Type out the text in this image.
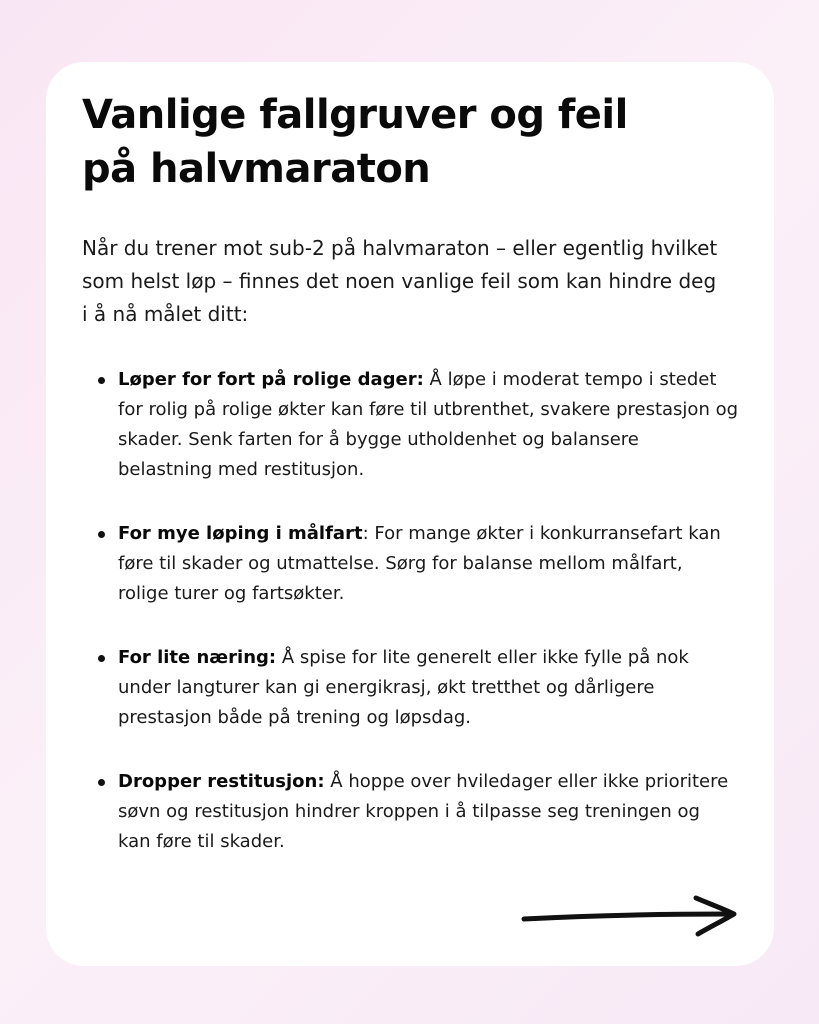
Vanlige fallgruver og feil på halvmaraton

Når du trener mot sub-2 på halvmaraton – eller egentlig hvilket som helst løp – finnes det noen vanlige feil som kan hindre deg i å nå målet ditt:

Løper for fort på rolige dager: Å løpe i moderat tempo i stedet for rolig på rolige økter kan føre til utbrenthet, svakere prestasjon og skader. Senk farten for å bygge utholdenhet og balansere belastning med restitusjon.
For mye løping i målfart: For mange økter i konkurransefart kan føre til skader og utmattelse. Sørg for balanse mellom målfart, rolige turer og fartsøkter.
For lite næring: Å spise for lite generelt eller ikke fylle på nok under langturer kan gi energikrasj, økt tretthet og dårligere prestasjon både på trening og løpsdag.
Dropper restitusjon: Å hoppe over hviledager eller ikke prioritere søvn og restitusjon hindrer kroppen i å tilpasse seg treningen og kan føre til skader.
